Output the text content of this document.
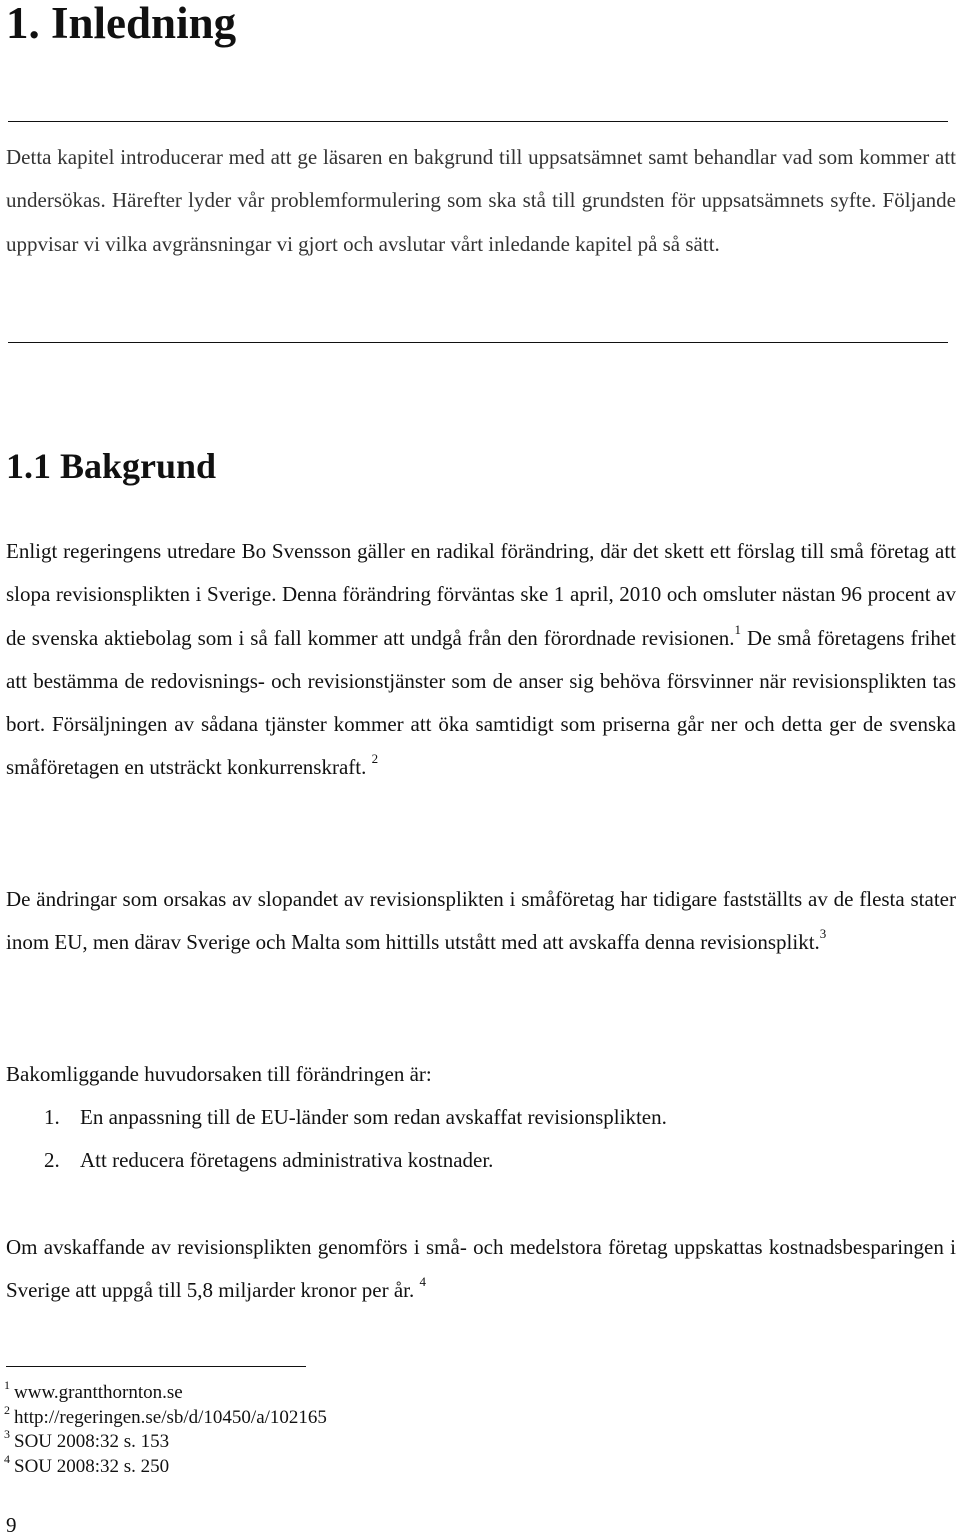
1. Inledning

Detta kapitel introducerar med att ge läsaren en bakgrund till uppsatsämnet samt behandlar vad som kommer att undersökas. Härefter lyder vår problemformulering som ska stå till grundsten för uppsatsämnets syfte. Följande uppvisar vi vilka avgränsningar vi gjort och avslutar vårt inledande kapitel på så sätt.

1.1 Bakgrund

Enligt regeringens utredare Bo Svensson gäller en radikal förändring, där det skett ett förslag till små företag att slopa revisionsplikten i Sverige. Denna förändring förväntas ske 1 april, 2010 och omsluter nästan 96 procent av de svenska aktiebolag som i så fall kommer att undgå från den förordnade revisionen.$^1$ De små företagens frihet att bestämma de redovisnings- och revisionstjänster som de anser sig behöva försvinner när revisionsplikten tas bort. Försäljningen av sådana tjänster kommer att öka samtidigt som priserna går ner och detta ger de svenska småföretagen en utsträckt konkurrenskraft. $^2$

De ändringar som orsakas av slopandet av revisionsplikten i småföretag har tidigare fastställts av de flesta stater inom EU, men därav Sverige och Malta som hittills utstått med att avskaffa denna revisionsplikt.$^3$

Bakomliggande huvudorsaken till förändringen är:

1. En anpassning till de EU-länder som redan avskaffat revisionsplikten.
2. Att reducera företagens administrativa kostnader.

Om avskaffande av revisionsplikten genomförs i små- och medelstora företag uppskattas kostnadsbesparingen i Sverige att uppgå till 5,8 miljarder kronor per år. $^4$

$^1$ www.grantthornton.se
$^2$ http://regeringen.se/sb/d/10450/a/102165
$^3$ SOU 2008:32 s. 153
$^4$ SOU 2008:32 s. 250
9
